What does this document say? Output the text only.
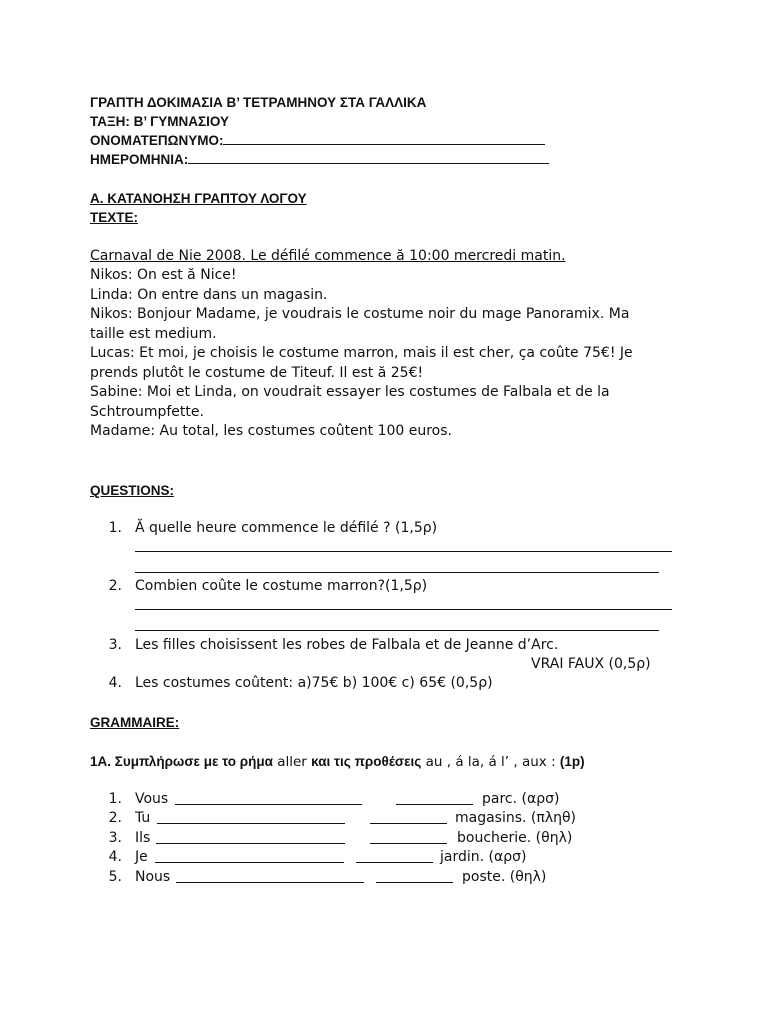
ΓΡΑΠΤΗ ΔΟΚΙΜΑΣΙΑ Β’ ΤΕΤΡΑΜΗΝΟΥ ΣΤΑ ΓΑΛΛΙΚΑ
ΤΑΞΗ: Β’ ΓΥΜΝΑΣΙΟΥ
ΟΝΟΜΑΤΕΠΩΝΥΜΟ:
ΗΜΕΡΟΜΗΝΙΑ:
Α. ΚΑΤΑΝΟΗΣΗ ΓΡΑΠΤΟΥ ΛΟΓΟΥ
TEXTE:
Carnaval de Nie 2008. Le défilé commence ă 10:00 mercredi matin.
Nikos: On est ă Nice!
Linda: On entre dans un magasin.
Nikos: Bonjour Madame, je voudrais le costume noir du mage Panoramix. Ma
taille est medium.
Lucas: Et moi, je choisis le costume marron, mais il est cher, ça coûte 75€! Je
prends plutôt le costume de Titeuf. Il est ă 25€!
Sabine: Moi et Linda, on voudrait essayer les costumes de Falbala et de la
Schtroumpfette.
Madame: Au total, les costumes coûtent 100 euros.
QUESTIONS:
1. Ă quelle heure commence le défilé ? (1,5ρ)
2. Combien coûte le costume marron?(1,5ρ)
3. Les filles choisissent les robes de Falbala et de Jeanne d’Arc.
VRAI FAUX (0,5ρ)
4. Les costumes coûtent: a)75€ b) 100€ c) 65€ (0,5ρ)
GRAMMAIRE:
1Α. Συμπλήρωσε με το ρήμα aller και τις προθέσεις au , á la, á l’ , aux : (1p)
1. Vous	parc. (αρσ)
2. Tu	magasins. (πληθ)
3. Ils	boucherie. (θηλ)
4. Je	jardin. (αρσ)
5. Nous	poste. (θηλ)
